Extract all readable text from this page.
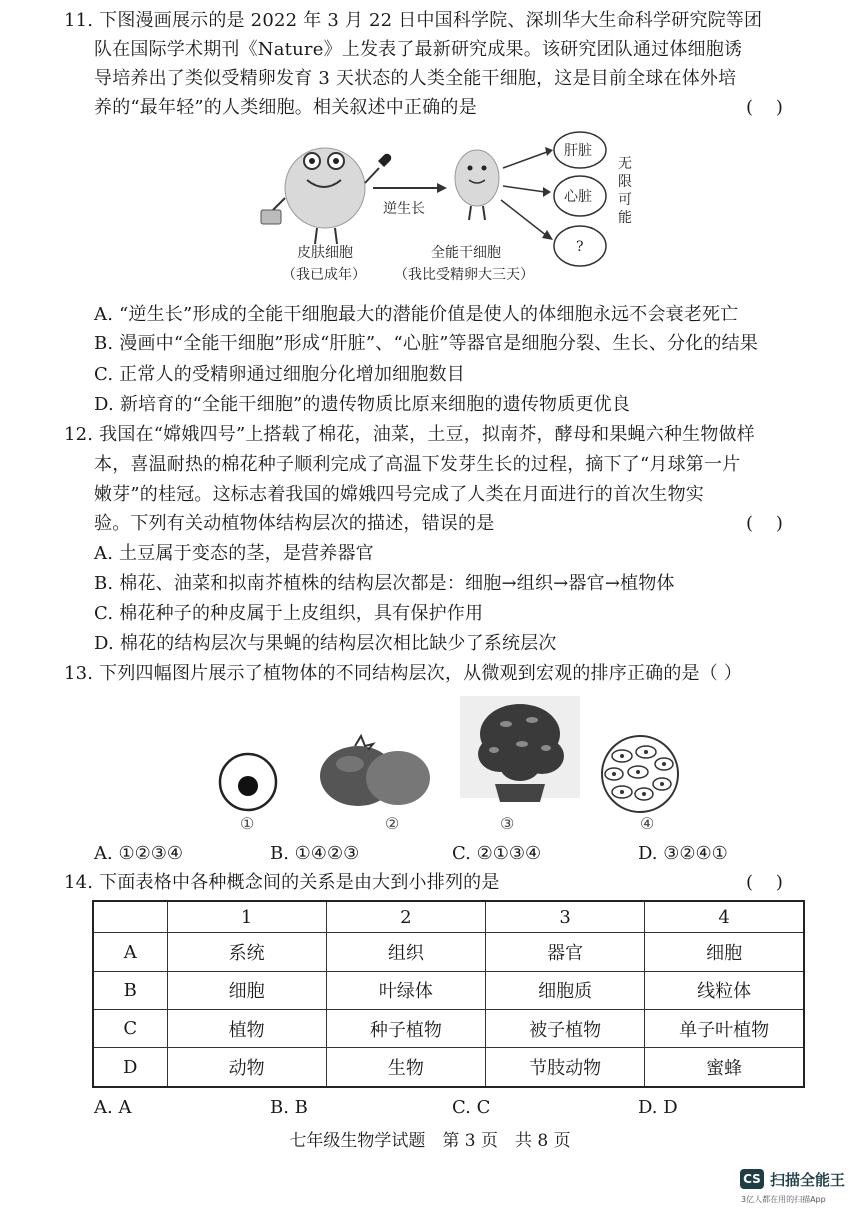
11. 下图漫画展示的是 2022 年 3 月 22 日中国科学院、深圳华大生命科学研究院等团
队在国际学术期刊《Nature》上发表了最新研究成果。该研究团队通过体细胞诱
导培养出了类似受精卵发育 3 天状态的人类全能干细胞，这是目前全球在体外培
养的“最年轻”的人类细胞。相关叙述中正确的是	(    )
肝脏
心脏
?
无
限
可
能
逆生长
皮肤细胞
（我已成年）
全能干细胞
（我比受精卵大三天）
A. “逆生长”形成的全能干细胞最大的潜能价值是使人的体细胞永远不会衰老死亡
B. 漫画中“全能干细胞”形成“肝脏”、“心脏”等器官是细胞分裂、生长、分化的结果
C. 正常人的受精卵通过细胞分化增加细胞数目
D. 新培育的“全能干细胞”的遗传物质比原来细胞的遗传物质更优良
12. 我国在“嫦娥四号”上搭载了棉花，油菜，土豆，拟南芥，酵母和果蝇六种生物做样
本，喜温耐热的棉花种子顺利完成了高温下发芽生长的过程，摘下了“月球第一片
嫩芽”的桂冠。这标志着我国的嫦娥四号完成了人类在月面进行的首次生物实
验。下列有关动植物体结构层次的描述，错误的是	(    )
A. 土豆属于变态的茎，是营养器官
B. 棉花、油菜和拟南芥植株的结构层次都是：细胞→组织→器官→植物体
C. 棉花种子的种皮属于上皮组织，具有保护作用
D. 棉花的结构层次与果蝇的结构层次相比缺少了系统层次
13. 下列四幅图片展示了植物体的不同结构层次，从微观到宏观的排序正确的是（ ）
①	②	③	④
A. ①②③④	B. ①④②③	C. ②①③④	D. ③②④①
14. 下面表格中各种概念间的关系是由大到小排列的是	(    )
	1	2	3	4
A	系统	组织	器官	细胞
B	细胞	叶绿体	细胞质	线粒体
C	植物	种子植物	被子植物	单子叶植物
D	动物	生物	节肢动物	蜜蜂
A. A	B. B	C. C	D. D
七年级生物学试题　第 3 页　共 8 页
CS 扫描全能王
3亿人都在用的扫描App
